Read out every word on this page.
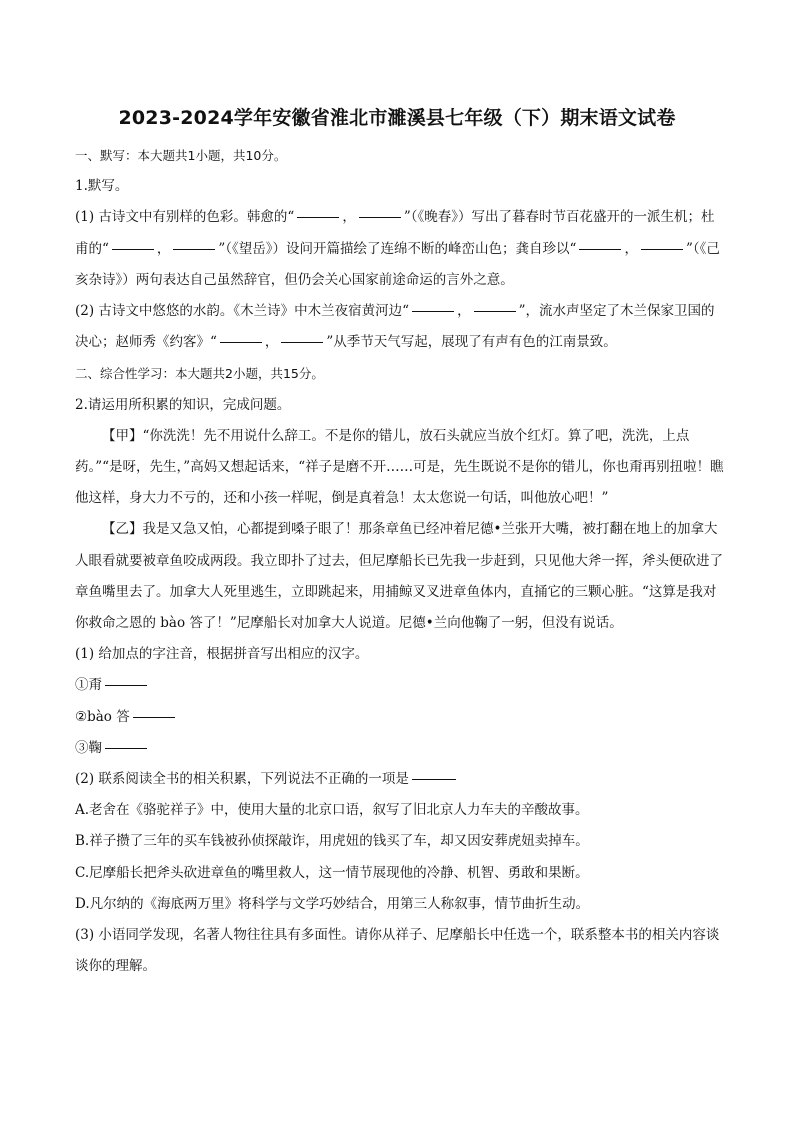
2023-2024学年安徽省淮北市濉溪县七年级（下）期末语文试卷

一、默写：本大题共1小题，共10分。

1.默写。

(1) 古诗文中有别样的色彩。韩愈的“	，	”（《晚春》）写出了暮春时节百花盛开的一派生机；杜甫的“	，	”（《望岳》）设问开篇描绘了连绵不断的峰峦山色；龚自珍以“	，	”（《己亥杂诗》）两句表达自己虽然辞官，但仍会关心国家前途命运的言外之意。

(2) 古诗文中悠悠的水韵。《木兰诗》中木兰夜宿黄河边“	，	”，流水声坚定了木兰保家卫国的决心；赵师秀《约客》“	，	”从季节天气写起，展现了有声有色的江南景致。

二、综合性学习：本大题共2小题，共15分。

2.请运用所积累的知识，完成问题。

【甲】“你洗洗！先不用说什么辞工。不是你的错儿，放石头就应当放个红灯。算了吧，洗洗，上点药。”“是呀，先生，”高妈又想起话来，“祥子是磨不开……可是，先生既说不是你的错儿，你也甭再别扭啦！瞧他这样，身大力不亏的，还和小孩一样呢，倒是真着急！太太您说一句话，叫他放心吧！”

【乙】我是又急又怕，心都提到嗓子眼了！那条章鱼已经冲着尼德•兰张开大嘴，被打翻在地上的加拿大人眼看就要被章鱼咬成两段。我立即扑了过去，但尼摩船长已先我一步赶到，只见他大斧一挥，斧头便砍进了章鱼嘴里去了。加拿大人死里逃生，立即跳起来，用捕鲸叉叉进章鱼体内，直捅它的三颗心脏。“这算是我对你救命之恩的 bào 答了！”尼摩船长对加拿大人说道。尼德•兰向他鞠了一躬，但没有说话。

(1) 给加点的字注音，根据拼音写出相应的汉字。

①甭

②bào 答

③鞠

(2) 联系阅读全书的相关积累，下列说法不正确的一项是

A.老舍在《骆驼祥子》中，使用大量的北京口语，叙写了旧北京人力车夫的辛酸故事。

B.祥子攒了三年的买车钱被孙侦探敲诈，用虎妞的钱买了车，却又因安葬虎妞卖掉车。

C.尼摩船长把斧头砍进章鱼的嘴里救人，这一情节展现他的冷静、机智、勇敢和果断。

D.凡尔纳的《海底两万里》将科学与文学巧妙结合，用第三人称叙事，情节曲折生动。

(3) 小语同学发现，名著人物往往具有多面性。请你从祥子、尼摩船长中任选一个，联系整本书的相关内容谈谈你的理解。
